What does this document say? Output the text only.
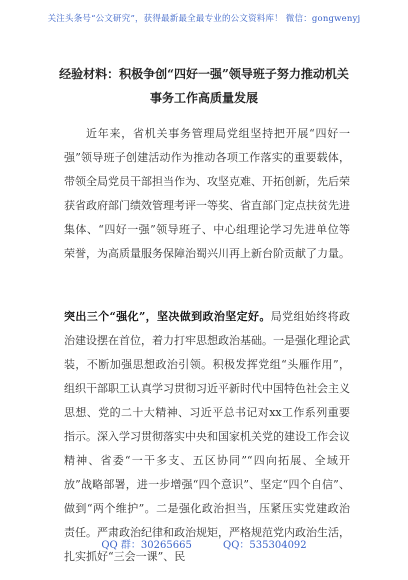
关注头条号“公文研究”，获得最新最全最专业的公文资料库！ 微信：gongwenyj
经验材料：积极争创“四好一强”领导班子努力推动机关
事务工作高质量发展

近年来，省机关事务管理局党组坚持把开展“四好一强”领导班子创建活动作为推动各项工作落实的重要载体，带领全局党员干部担当作为、攻坚克难、开拓创新，先后荣获省政府部门绩效管理考评一等奖、省直部门定点扶贫先进集体、“四好一强”领导班子、中心组理论学习先进单位等荣誉，为高质量服务保障治蜀兴川再上新台阶贡献了力量。

突出三个“强化”，坚决做到政治坚定好。局党组始终将政治建设摆在首位，着力打牢思想政治基础。一是强化理论武装，不断加强思想政治引领。积极发挥党组“头雁作用”，组织干部职工认真学习贯彻习近平新时代中国特色社会主义思想、党的二十大精神、习近平总书记对xx工作系列重要指示。深入学习贯彻落实中央和国家机关党的建设工作会议精神、省委“一干多支、五区协同”“四向拓展、全域开放”战略部署，进一步增强“四个意识”、坚定“四个自信”、做到“两个维护”。二是强化政治担当，压紧压实党建政治责任。严肃政治纪律和政治规矩，严格规范党内政治生活，扎实抓好“三会一课”、民

QQ 群：30265665	QQ：535304092
